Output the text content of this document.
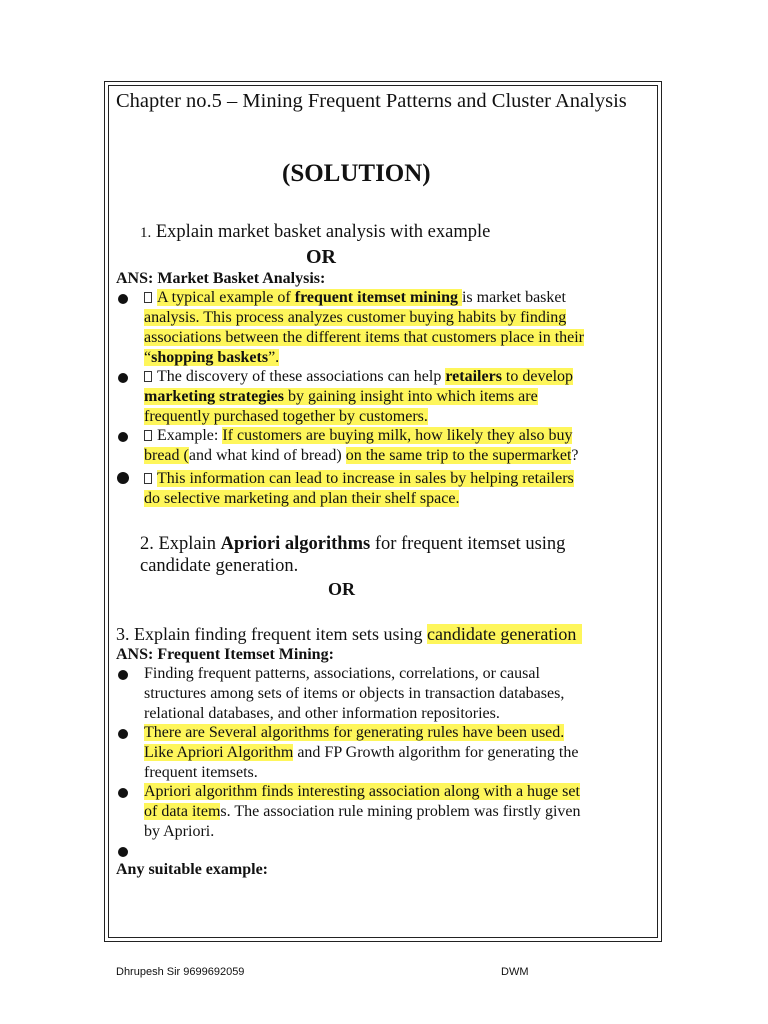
Chapter no.5 – Mining Frequent Patterns and Cluster Analysis
(SOLUTION)
1. Explain market basket analysis with example
OR
ANS: Market Basket Analysis:
A typical example of frequent itemset mining is market basket
analysis. This process analyzes customer buying habits by finding
associations between the different items that customers place in their
“shopping baskets”.
The discovery of these associations can help retailers to develop
marketing strategies by gaining insight into which items are
frequently purchased together by customers.
Example: If customers are buying milk, how likely they also buy
bread (and what kind of bread) on the same trip to the supermarket?
This information can lead to increase in sales by helping retailers
do selective marketing and plan their shelf space.
2. Explain Apriori algorithms for frequent itemset using
candidate generation.
OR
3. Explain finding frequent item sets using candidate generation
ANS: Frequent Itemset Mining:
Finding frequent patterns, associations, correlations, or causal
structures among sets of items or objects in transaction databases,
relational databases, and other information repositories.
There are Several algorithms for generating rules have been used.
Like Apriori Algorithm and FP Growth algorithm for generating the
frequent itemsets.
Apriori algorithm finds interesting association along with a huge set
of data items. The association rule mining problem was firstly given
by Apriori.
Any suitable example:
Dhrupesh Sir 9699692059	DWM
